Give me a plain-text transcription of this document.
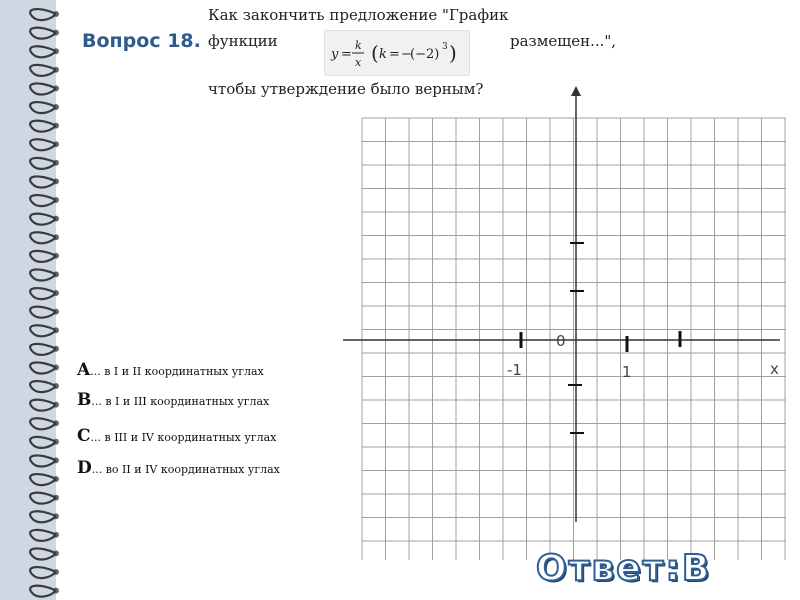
Вопрос 18.
Как закончить предложение "График
функции	размещен...",
чтобы утверждение было верным?
y =
k
x ( k = −
(−2) 3 )
0
-1	1	x
A... в I и II координатных углах
B... в I и III координатных углах
C... в III и IV координатных углах
D... во II и IV координатных углах
Ответ:В
